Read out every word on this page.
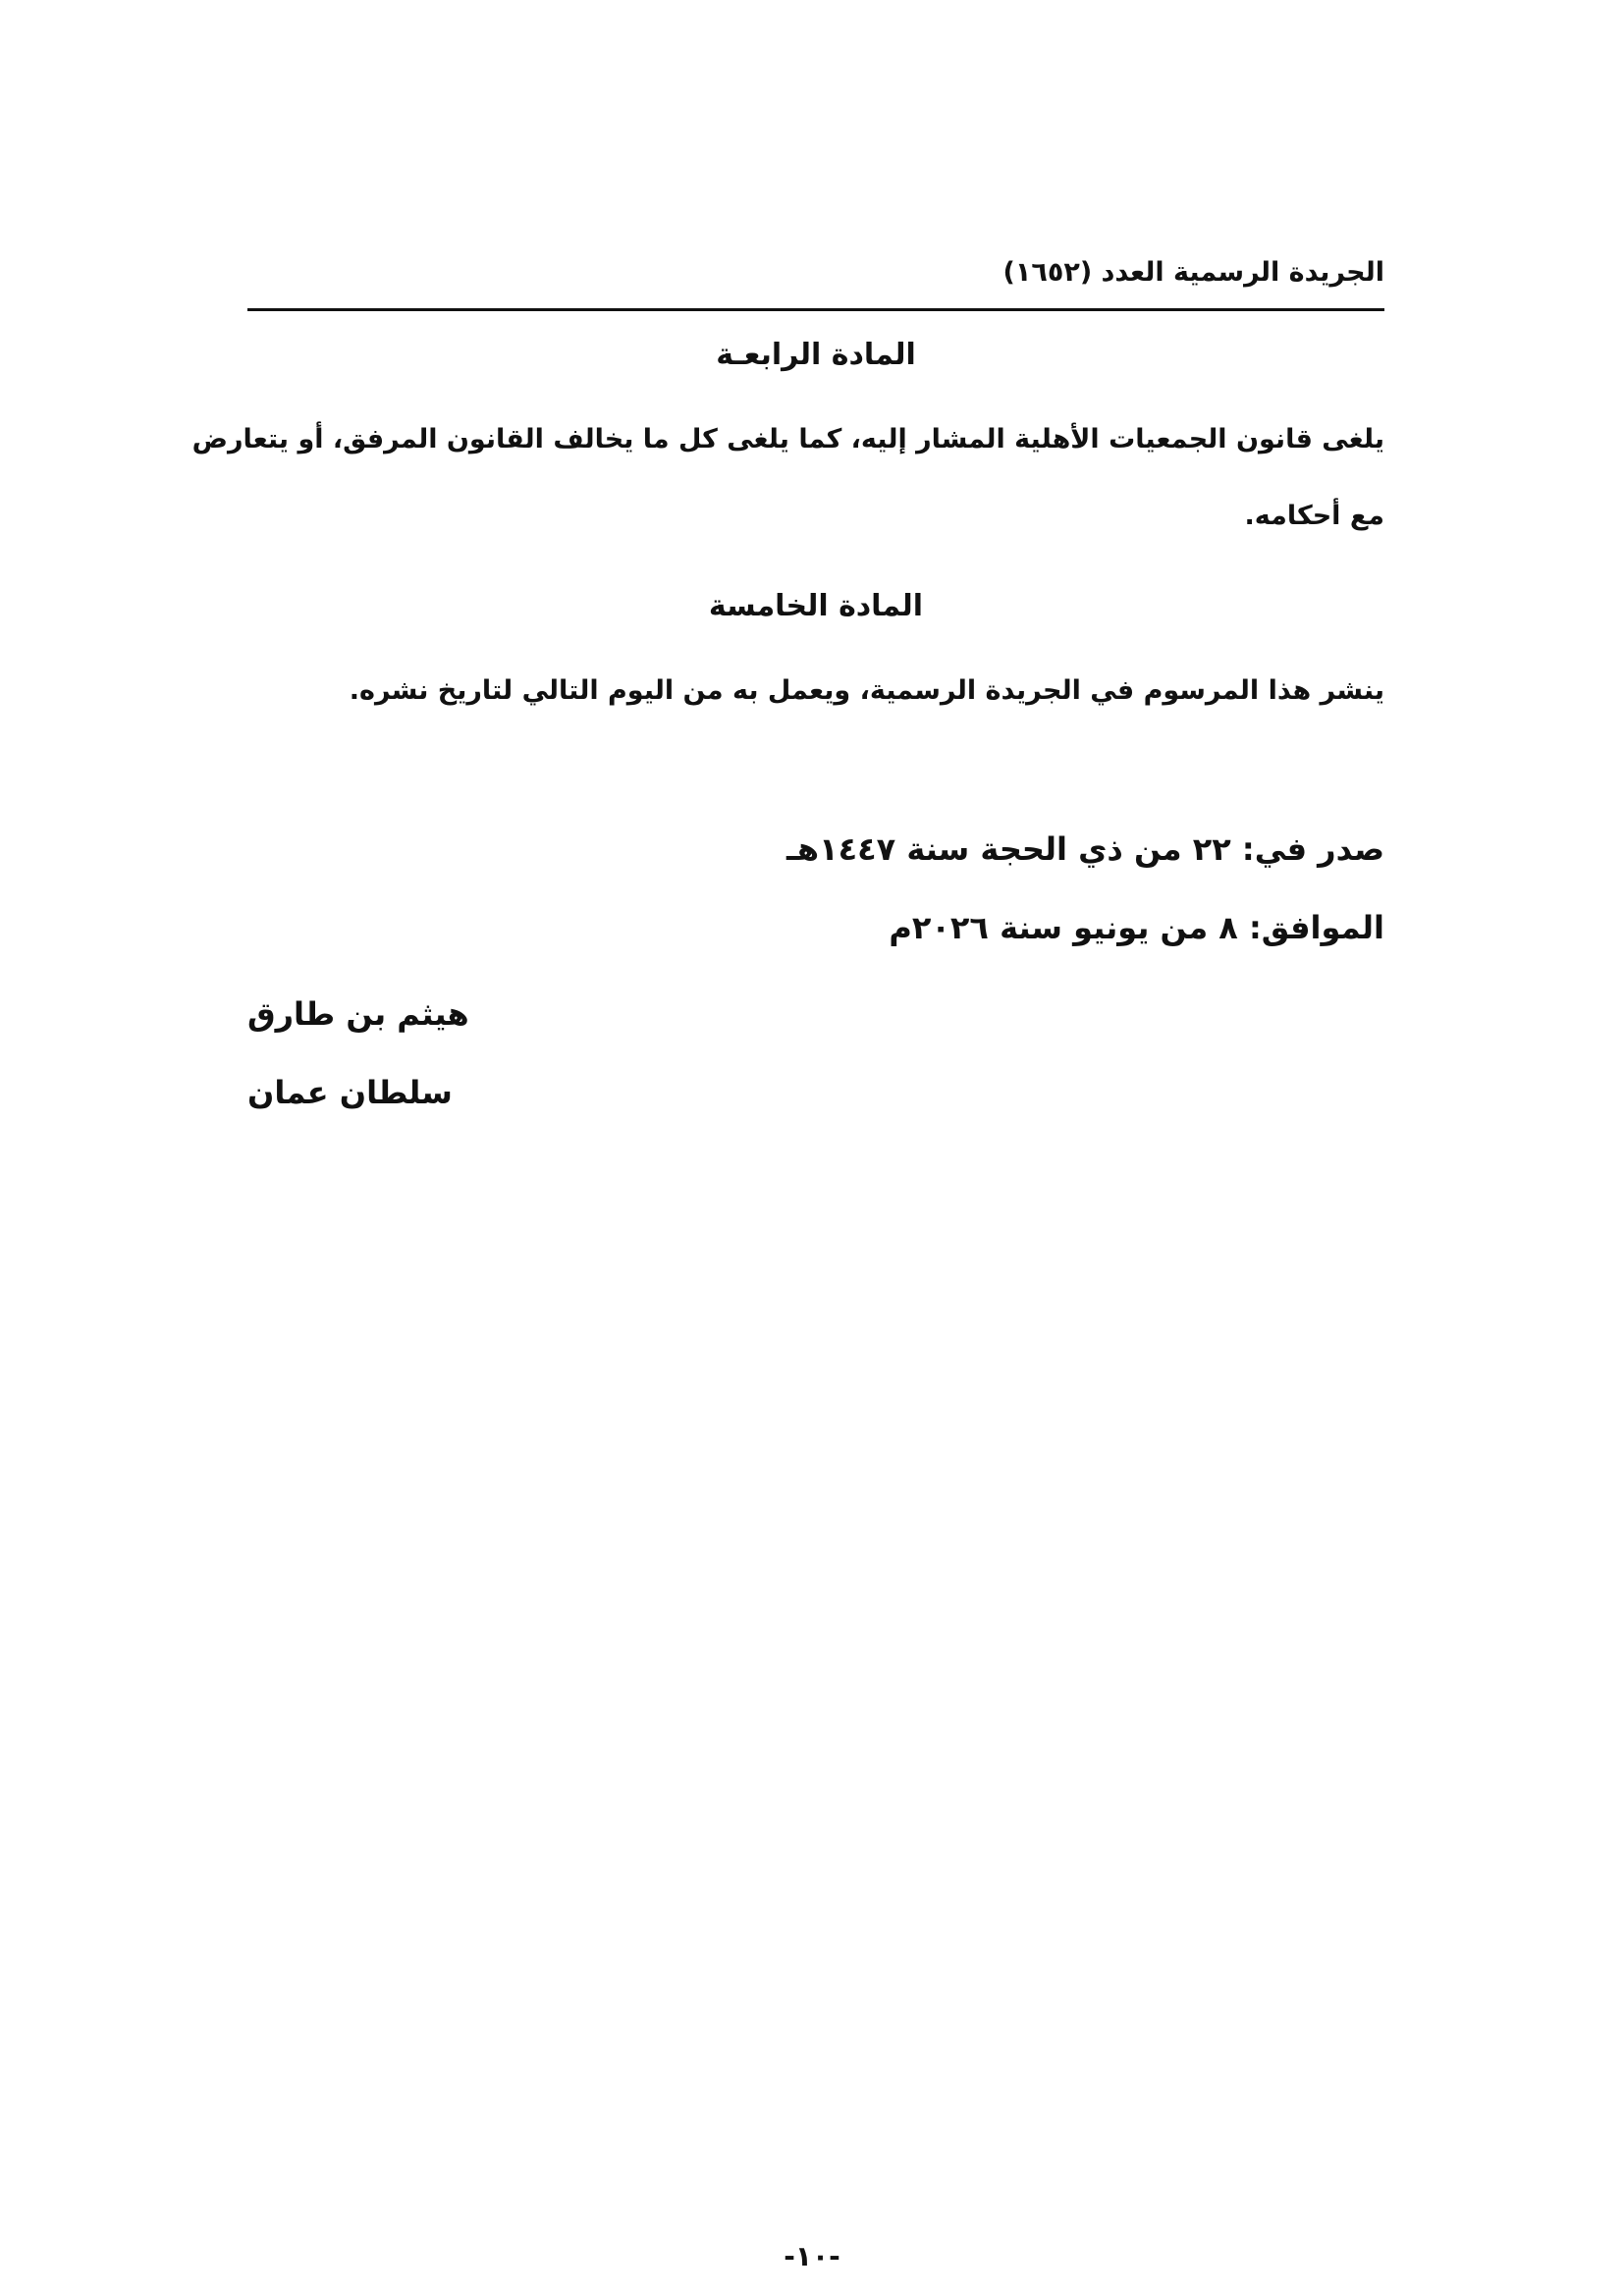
الجريدة الرسمية العدد (١٦٥٢)
المادة الرابعـة
يلغى قانون الجمعيات الأهلية المشار إليه، كما يلغى كل ما يخالف القانون المرفق، أو يتعارض
مع أحكامه.
المادة الخامسة
ينشر هذا المرسوم في الجريدة الرسمية، ويعمل به من اليوم التالي لتاريخ نشره.
صدر في: ٢٢ من ذي الحجة سنة ١٤٤٧هـ
الموافق: ٨ من يونيو سنة ٢٠٢٦م
هيثم بن طارق
سلطان عمان
-١٠-
